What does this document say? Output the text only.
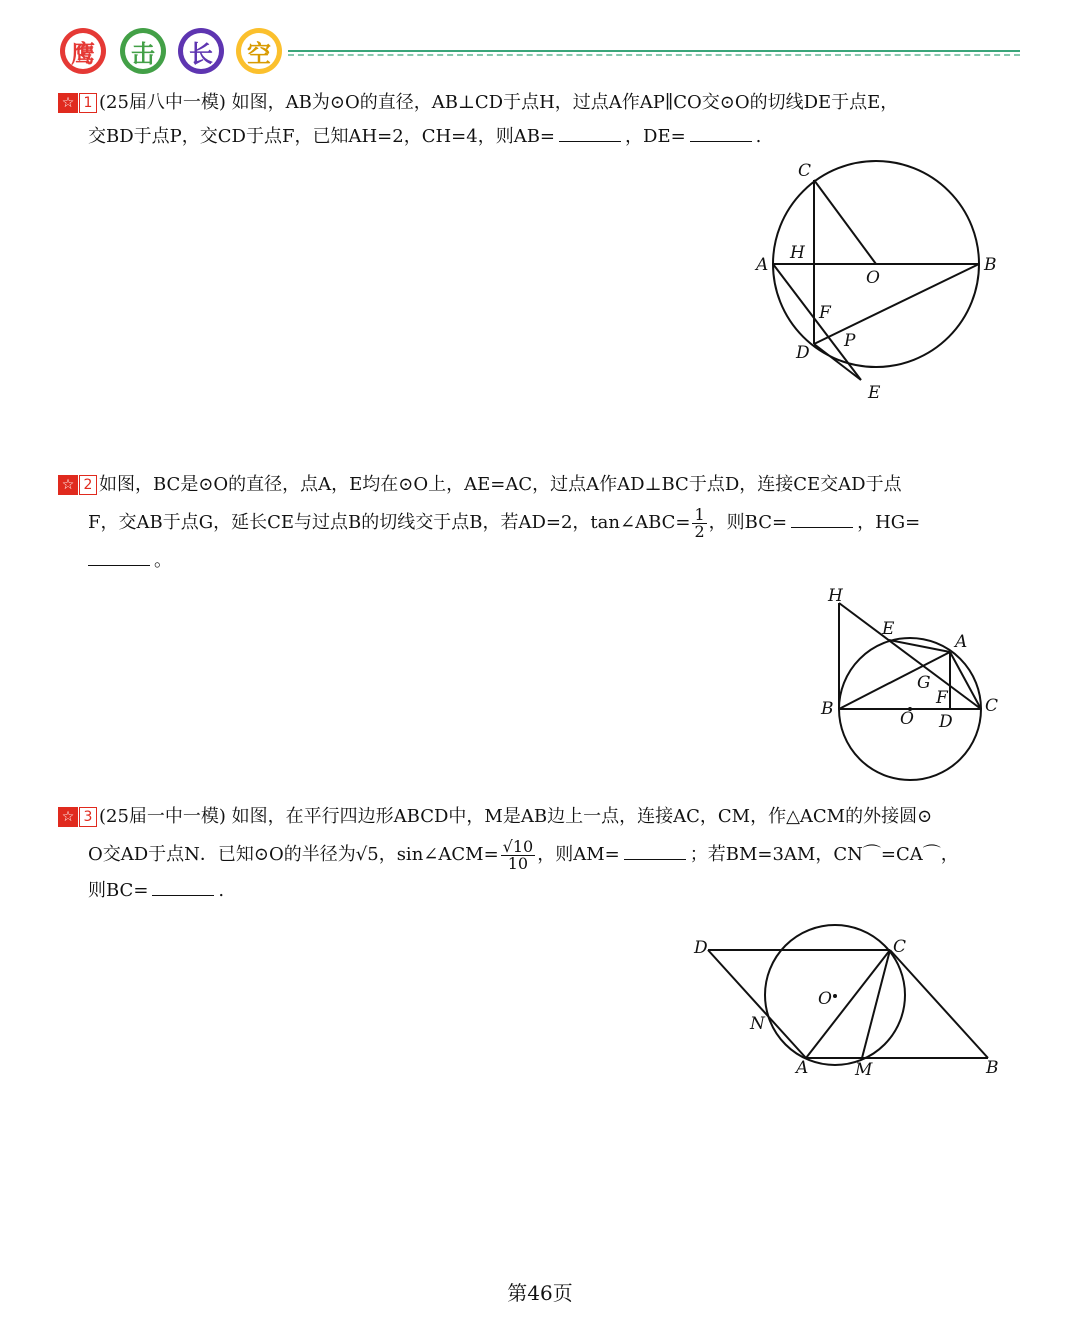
鹰 击 长 空
☆ 1 (25届八中一模) 如图，AB为⊙O的直径，AB⊥CD于点H，过点A作AP∥CO交⊙O的切线DE于点E，
交BD于点P，交CD于点F，已知AH=2，CH=4，则AB=	，DE=	.
C
H
A
O
B
F
P
D
E
☆ 2 如图，BC是⊙O的直径，点A，E均在⊙O上，AE=AC，过点A作AD⊥BC于点D，连接CE交AD于点
F，交AB于点G，延长CE与过点B的切线交于点B，若AD=2，tan∠ABC= $\frac{1}{2}$ ，则BC=	，HG=
。
H
E
A
G
F
B	O D
C
☆ 3 (25届一中一模) 如图，在平行四边形ABCD中，M是AB边上一点，连接AC，CM，作△ACM的外接圆⊙
O交AD于点N．已知⊙O的半径为√5，sin∠ACM= $\frac{√10}{10}$ ，则AM=	；若BM=3AM，CN⌒=CA⌒，
则BC=	.
D	C
O
N
A	M	B
第46页
